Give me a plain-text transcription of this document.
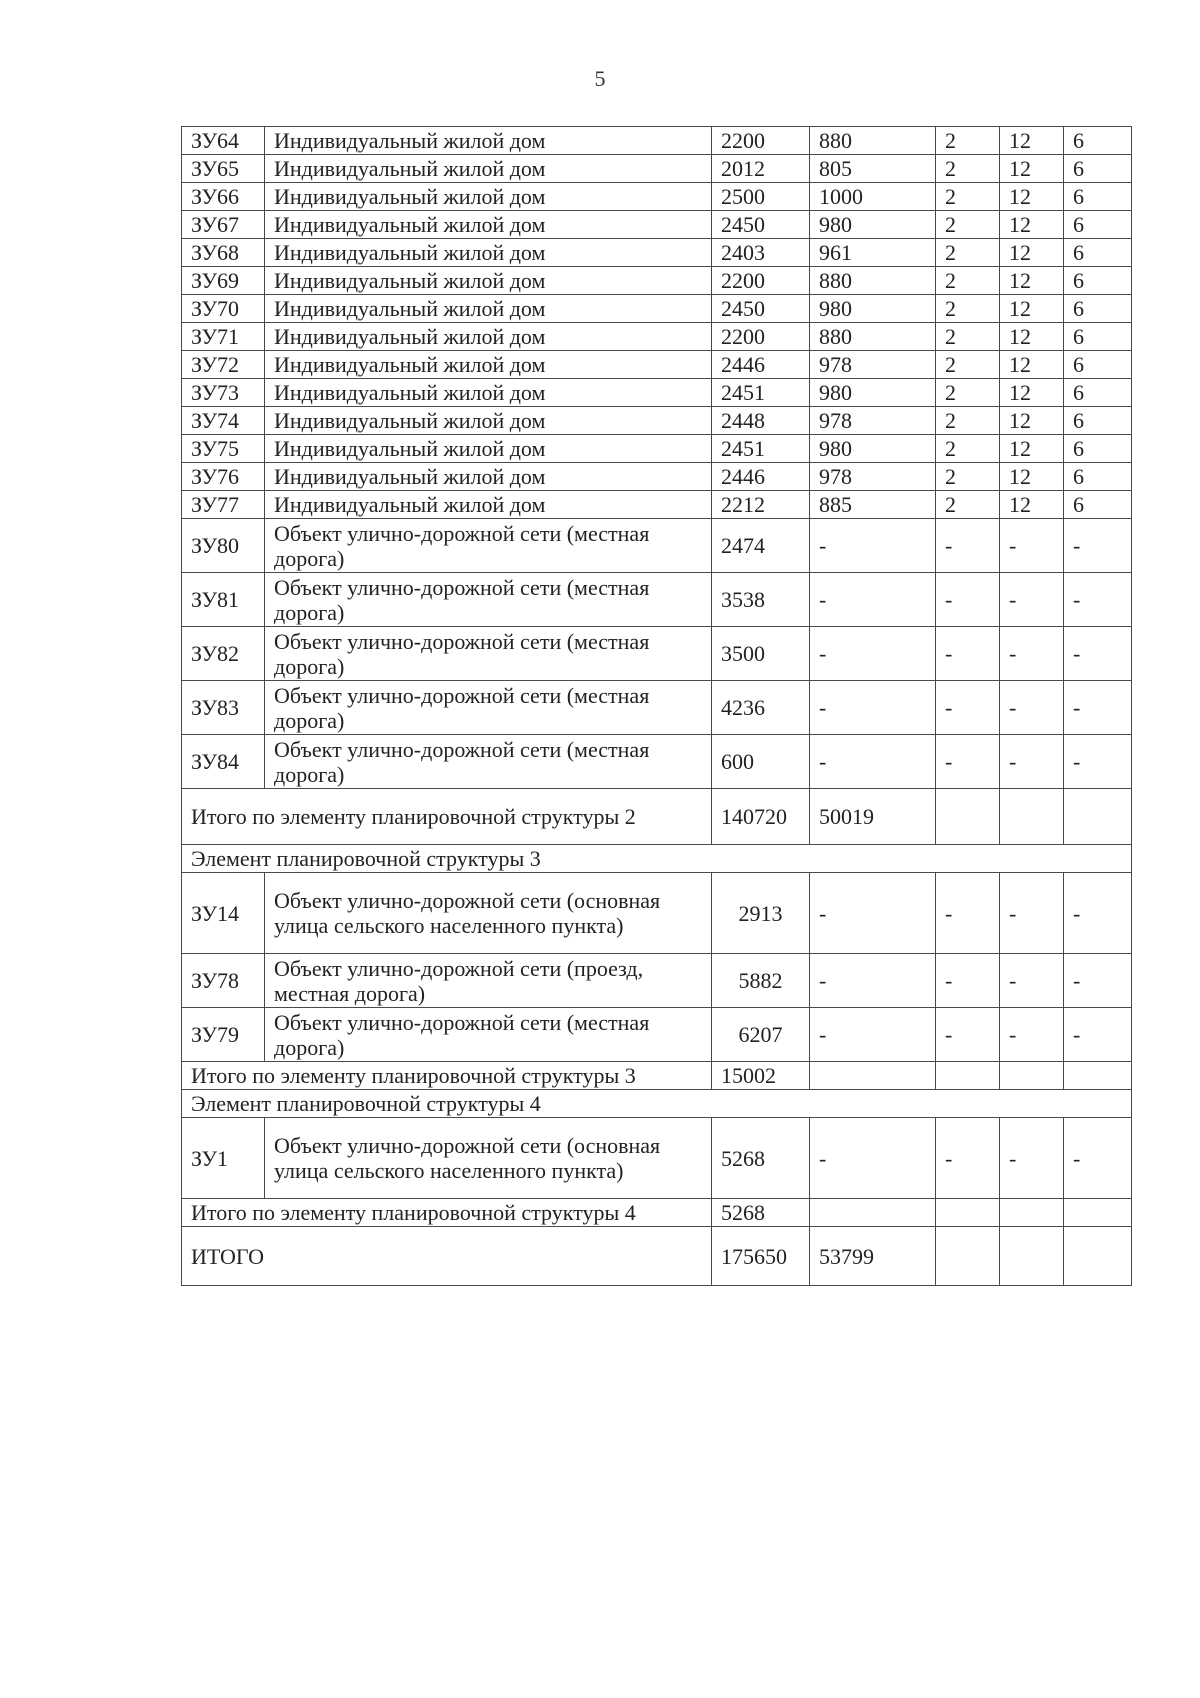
5
ЗУ64	Индивидуальный жилой дом	2200	880	2	12	6
ЗУ65	Индивидуальный жилой дом	2012	805	2	12	6
ЗУ66	Индивидуальный жилой дом	2500	1000	2	12	6
ЗУ67	Индивидуальный жилой дом	2450	980	2	12	6
ЗУ68	Индивидуальный жилой дом	2403	961	2	12	6
ЗУ69	Индивидуальный жилой дом	2200	880	2	12	6
ЗУ70	Индивидуальный жилой дом	2450	980	2	12	6
ЗУ71	Индивидуальный жилой дом	2200	880	2	12	6
ЗУ72	Индивидуальный жилой дом	2446	978	2	12	6
ЗУ73	Индивидуальный жилой дом	2451	980	2	12	6
ЗУ74	Индивидуальный жилой дом	2448	978	2	12	6
ЗУ75	Индивидуальный жилой дом	2451	980	2	12	6
ЗУ76	Индивидуальный жилой дом	2446	978	2	12	6
ЗУ77	Индивидуальный жилой дом	2212	885	2	12	6
ЗУ80	Объект улично-дорожной сети (местная дорога)	2474	-	-	-	-
ЗУ81	Объект улично-дорожной сети (местная дорога)	3538	-	-	-	-
ЗУ82	Объект улично-дорожной сети (местная дорога)	3500	-	-	-	-
ЗУ83	Объект улично-дорожной сети (местная дорога)	4236	-	-	-	-
ЗУ84	Объект улично-дорожной сети (местная дорога)	600	-	-	-	-
Итого по элементу планировочной структуры 2		140720	50019			
Элемент планировочной структуры 3						
ЗУ14	Объект улично-дорожной сети (основная улица сельского населенного пункта)	2913	-	-	-	-
ЗУ78	Объект улично-дорожной сети (проезд, местная дорога)	5882	-	-	-	-
ЗУ79	Объект улично-дорожной сети (местная дорога)	6207	-	-	-	-
Итого по элементу планировочной структуры 3		15002				
Элемент планировочной структуры 4						
ЗУ1	Объект улично-дорожной сети (основная улица сельского населенного пункта)	5268	-	-	-	-
Итого по элементу планировочной структуры 4		5268				
ИТОГО		175650	53799			
